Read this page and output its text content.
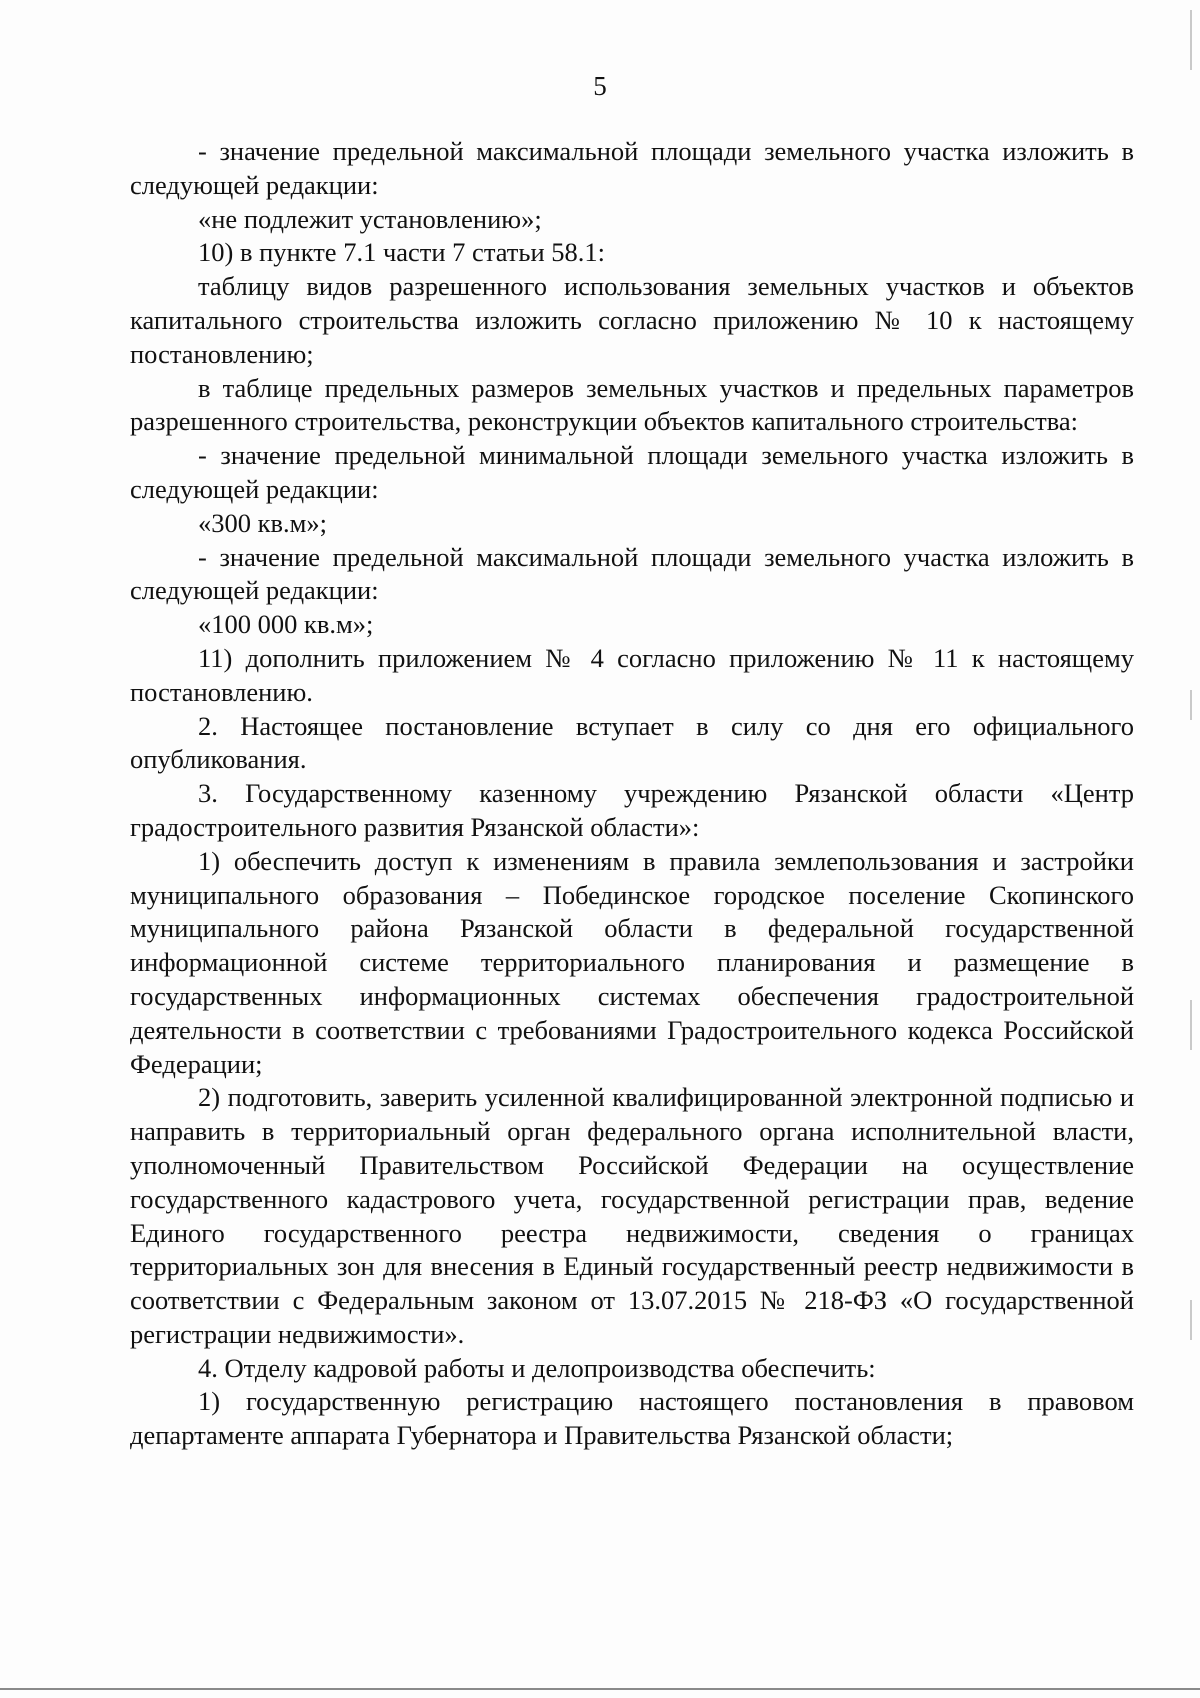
5

- значение предельной максимальной площади земельного участка изложить в следующей редакции:

«не подлежит установлению»;

10) в пункте 7.1 части 7 статьи 58.1:

таблицу видов разрешенного использования земельных участков и объектов капитального строительства изложить согласно приложению № 10 к настоящему постановлению;

в таблице предельных размеров земельных участков и предельных параметров разрешенного строительства, реконструкции объектов капитального строительства:

- значение предельной минимальной площади земельного участка изложить в следующей редакции:

«300 кв.м»;

- значение предельной максимальной площади земельного участка изложить в следующей редакции:

«100 000 кв.м»;

11) дополнить приложением № 4 согласно приложению № 11 к настоящему постановлению.

2. Настоящее постановление вступает в силу со дня его официального опубликования.

3. Государственному казенному учреждению Рязанской области «Центр градостроительного развития Рязанской области»:

1) обеспечить доступ к изменениям в правила землепользования и застройки муниципального образования – Побединское городское поселение Скопинского муниципального района Рязанской области в федеральной государственной информационной системе территориального планирования и размещение в государственных информационных системах обеспечения градостроительной деятельности в соответствии с требованиями Градостроительного кодекса Российской Федерации;

2) подготовить, заверить усиленной квалифицированной электронной подписью и направить в территориальный орган федерального органа исполнительной власти, уполномоченный Правительством Российской Федерации на осуществление государственного кадастрового учета, государственной регистрации прав, ведение Единого государственного реестра недвижимости, сведения о границах территориальных зон для внесения в Единый государственный реестр недвижимости в соответствии с Федеральным законом от 13.07.2015 № 218-ФЗ «О государственной регистрации недвижимости».

4. Отделу кадровой работы и делопроизводства обеспечить:

1) государственную регистрацию настоящего постановления в правовом департаменте аппарата Губернатора и Правительства Рязанской области;
